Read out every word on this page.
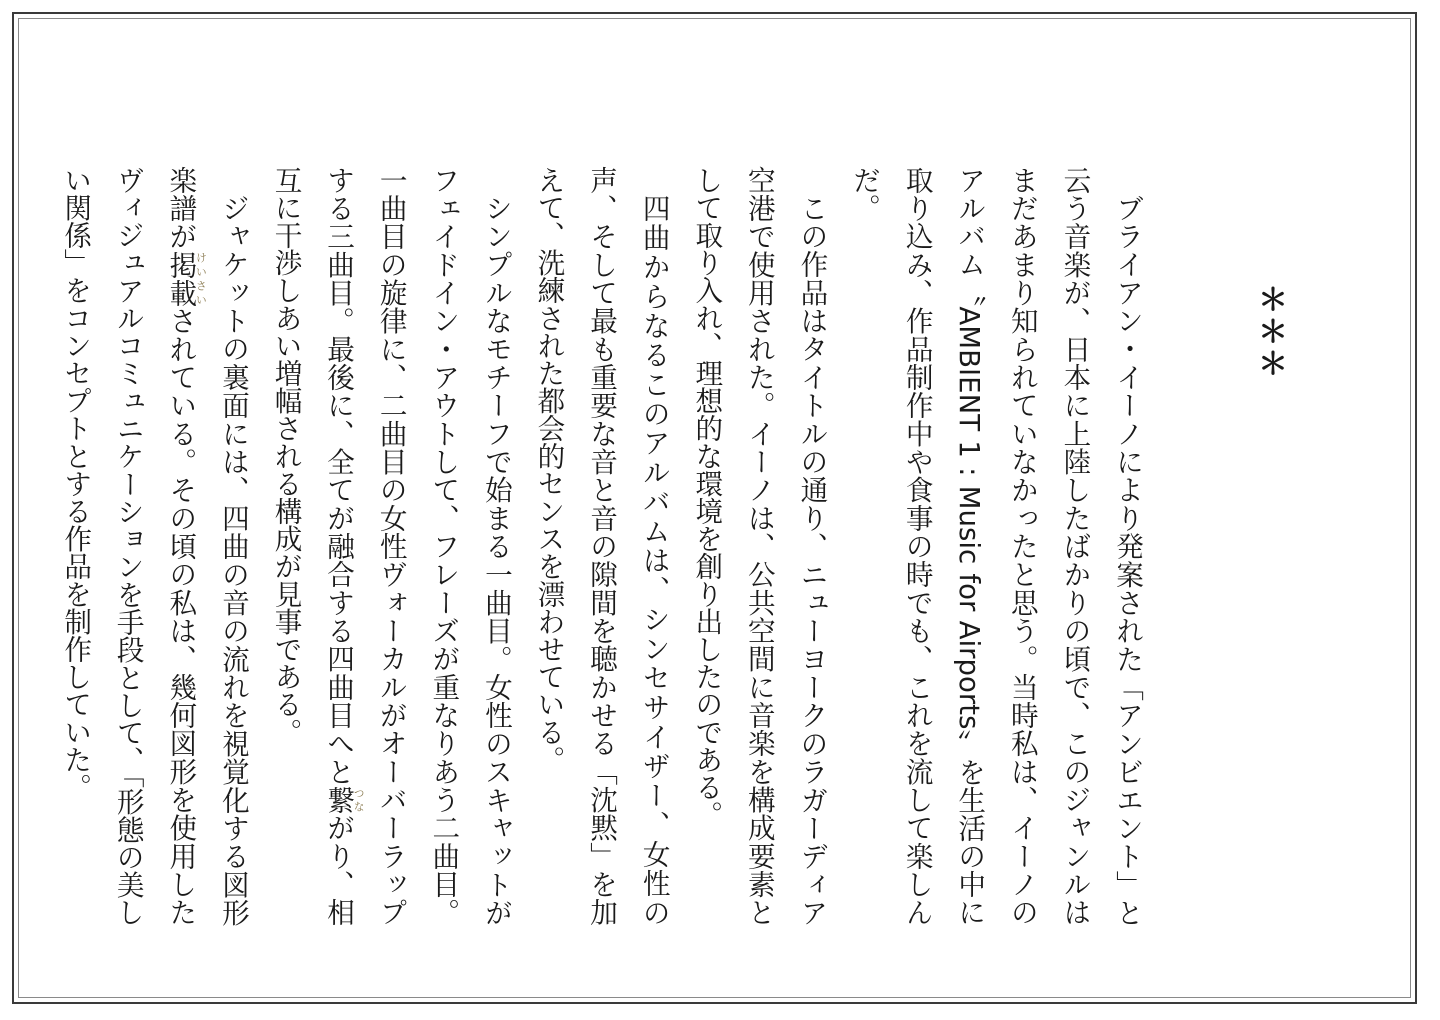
＊＊＊

ブライアン・イーノにより発案された「アンビエント」と云う音楽が、日本に上陸したばかりの頃で、このジャンルはまだあまり知られていなかったと思う。当時私は、イーノのアルバム〝AMBIENT 1 : Music for Airports〟を生活の中に取り込み、作品制作中や食事の時でも、これを流して楽しんだ。

この作品はタイトルの通り、ニューヨークのラガーディア空港で使用された。イーノは、公共空間に音楽を構成要素として取り入れ、理想的な環境を創り出したのである。

四曲からなるこのアルバムは、シンセサイザー、女性の声、そして最も重要な音と音の隙間を聴かせる「沈黙」を加えて、洗練された都会的センスを漂わせている。

シンプルなモチーフで始まる一曲目。女性のスキャットがフェイドイン・アウトして、フレーズが重なりあう二曲目。一曲目の旋律に、二曲目の女性ヴォーカルがオーバーラップする三曲目。最後に、全てが融合する四曲目へと繋つながり、相互に干渉しあい増幅される構成が見事である。

ジャケットの裏面には、四曲の音の流れを視覚化する図形楽譜が掲載けいさいされている。その頃の私は、幾何図形を使用したヴィジュアルコミュニケーションを手段として、「形態の美しい関係」をコンセプトとする作品を制作していた。
